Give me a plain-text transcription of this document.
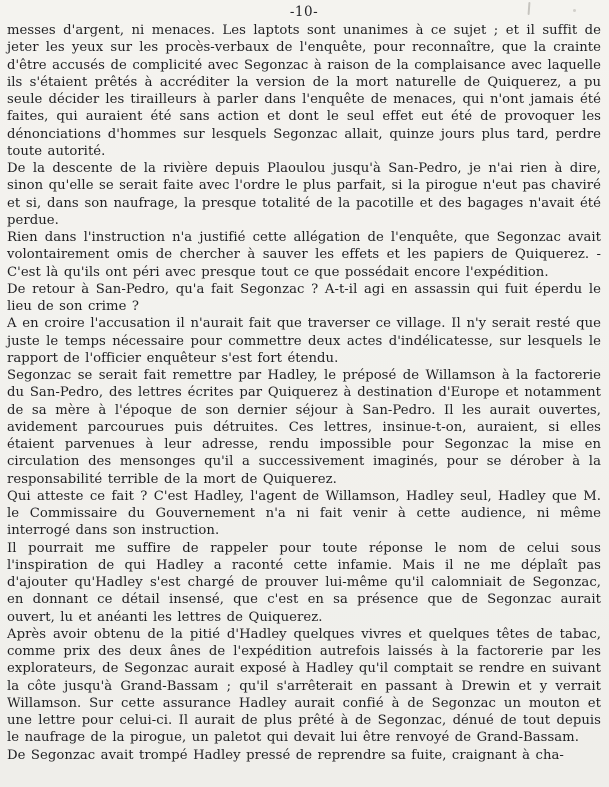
-10-

messes d'argent, ni menaces. Les laptots sont unanimes à ce sujet ; et il suffit de jeter les yeux sur les procès-verbaux de l'enquête, pour reconnaître, que la crainte d'être accusés de complicité avec Segonzac à raison de la complaisance avec laquelle ils s'étaient prêtés à accréditer la version de la mort naturelle de Quiquerez, a pu seule décider les tirailleurs à parler dans l'enquête de menaces, qui n'ont jamais été faites, qui auraient été sans action et dont le seul effet eut été de provoquer les dénonciations d'hommes sur lesquels Segonzac allait, quinze jours plus tard, perdre toute autorité.

De la descente de la rivière depuis Plaoulou jusqu'à San-Pedro, je n'ai rien à dire, sinon qu'elle se serait faite avec l'ordre le plus parfait, si la pirogue n'eut pas chaviré et si, dans son naufrage, la presque totalité de la pacotille et des bagages n'avait été perdue.

Rien dans l'instruction n'a justifié cette allégation de l'enquête, que Segonzac avait volontairement omis de chercher à sauver les effets et les papiers de Quiquerez. - C'est là qu'ils ont péri avec presque tout ce que possédait encore l'expédition.

De retour à San-Pedro, qu'a fait Segonzac ? A-t-il agi en assassin qui fuit éperdu le lieu de son crime ?

A en croire l'accusation il n'aurait fait que traverser ce village. Il n'y serait resté que juste le temps nécessaire pour commettre deux actes d'indélicatesse, sur lesquels le rapport de l'officier enquêteur s'est fort étendu.

Segonzac se serait fait remettre par Hadley, le préposé de Willamson à la factorerie du San-Pedro, des lettres écrites par Quiquerez à destination d'Europe et notamment de sa mère à l'époque de son dernier séjour à San-Pedro. Il les aurait ouvertes, avidement parcourues puis détruites. Ces lettres, insinue-t-on, auraient, si elles étaient parvenues à leur adresse, rendu impossible pour Segonzac la mise en circulation des mensonges qu'il a successivement imaginés, pour se dérober à la responsabilité terrible de la mort de Quiquerez.

Qui atteste ce fait ? C'est Hadley, l'agent de Willamson, Hadley seul, Hadley que M. le Commissaire du Gouvernement n'a ni fait venir à cette audience, ni même interrogé dans son instruction.

Il pourrait me suffire de rappeler pour toute réponse le nom de celui sous l'inspiration de qui Hadley a raconté cette infamie. Mais il ne me déplaît pas d'ajouter qu'Hadley s'est chargé de prouver lui-même qu'il calomniait de Segonzac, en donnant ce détail insensé, que c'est en sa présence que de Segonzac aurait ouvert, lu et anéanti les lettres de Quiquerez.

Après avoir obtenu de la pitié d'Hadley quelques vivres et quelques têtes de tabac, comme prix des deux ânes de l'expédition autrefois laissés à la factorerie par les explorateurs, de Segonzac aurait exposé à Hadley qu'il comptait se rendre en suivant la côte jusqu'à Grand-Bassam ; qu'il s'arrêterait en passant à Drewin et y verrait Willamson. Sur cette assurance Hadley aurait confié à de Segonzac un mouton et une lettre pour celui-ci. Il aurait de plus prêté à de Segonzac, dénué de tout depuis le naufrage de la pirogue, un paletot qui devait lui être renvoyé de Grand-Bassam.

De Segonzac avait trompé Hadley pressé de reprendre sa fuite, craignant à cha-
